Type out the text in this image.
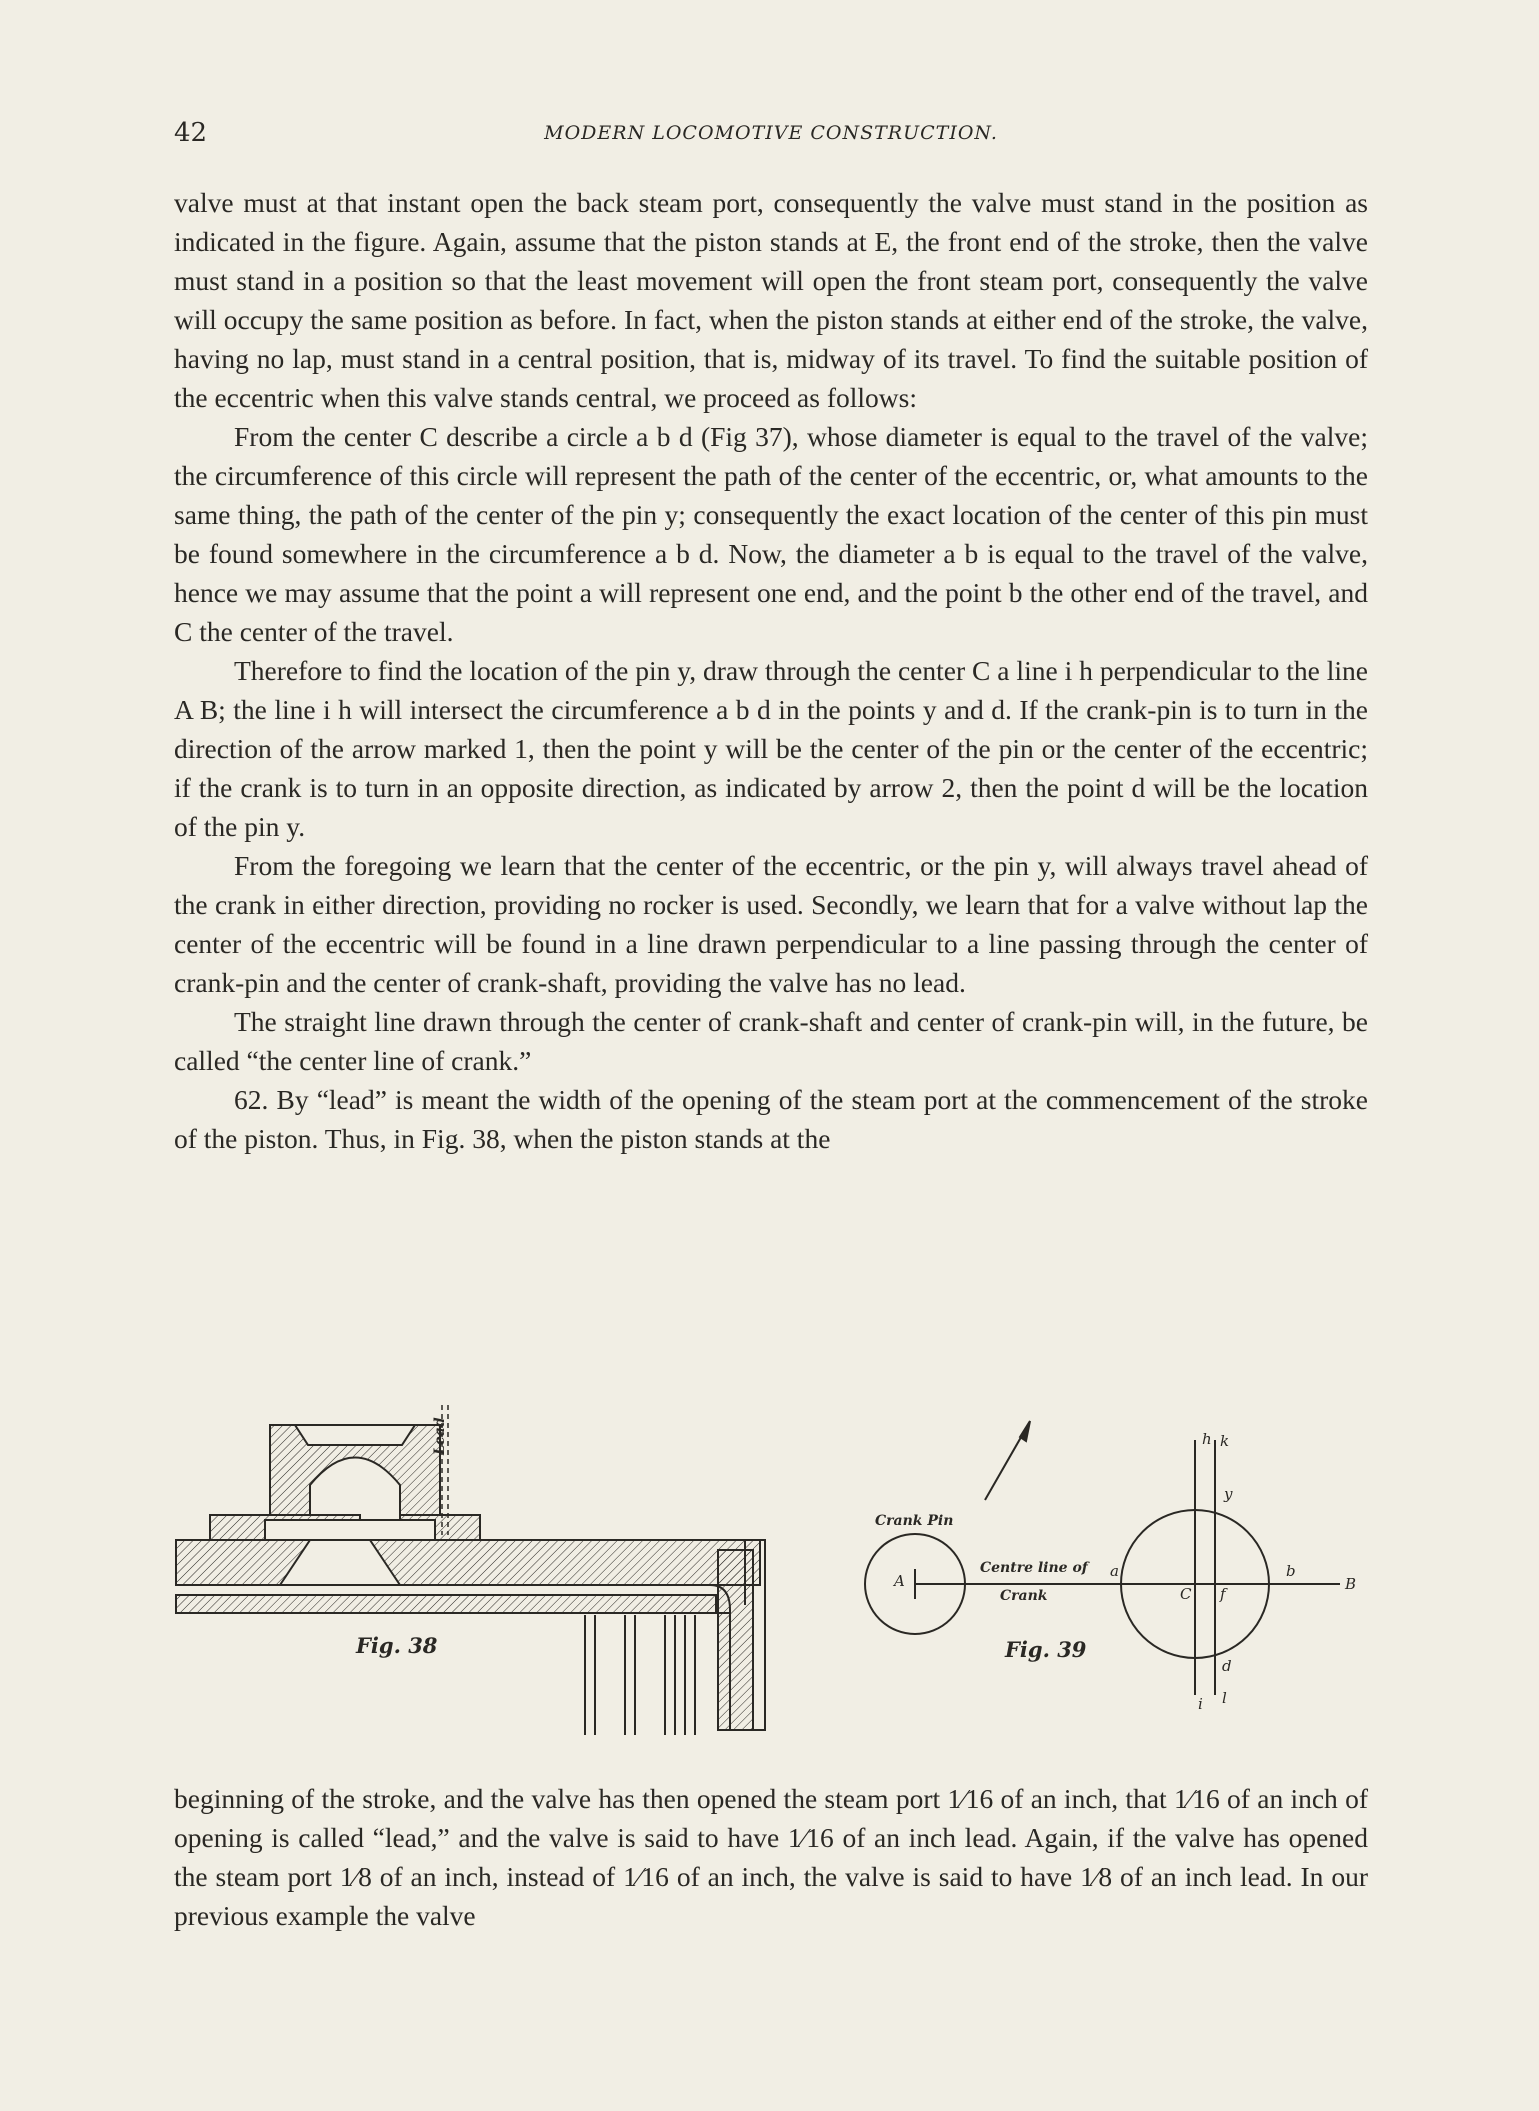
42	MODERN LOCOMOTIVE CONSTRUCTION.

valve must at that instant open the back steam port, consequently the valve must stand in the position as indicated in the figure. Again, assume that the piston stands at E, the front end of the stroke, then the valve must stand in a position so that the least movement will open the front steam port, consequently the valve will occupy the same position as before. In fact, when the piston stands at either end of the stroke, the valve, having no lap, must stand in a central position, that is, midway of its travel. To find the suitable position of the eccentric when this valve stands central, we proceed as follows:

From the center C describe a circle a b d (Fig 37), whose diameter is equal to the travel of the valve; the circumference of this circle will represent the path of the center of the eccentric, or, what amounts to the same thing, the path of the center of the pin y; consequently the exact location of the center of this pin must be found somewhere in the circumference a b d. Now, the diameter a b is equal to the travel of the valve, hence we may assume that the point a will represent one end, and the point b the other end of the travel, and C the center of the travel.

Therefore to find the location of the pin y, draw through the center C a line i h perpendicular to the line A B; the line i h will intersect the circumference a b d in the points y and d. If the crank-pin is to turn in the direction of the arrow marked 1, then the point y will be the center of the pin or the center of the eccentric; if the crank is to turn in an opposite direction, as indicated by arrow 2, then the point d will be the location of the pin y.

From the foregoing we learn that the center of the eccentric, or the pin y, will always travel ahead of the crank in either direction, providing no rocker is used. Secondly, we learn that for a valve without lap the center of the eccentric will be found in a line drawn perpendicular to a line passing through the center of crank-pin and the center of crank-shaft, providing the valve has no lead.

The straight line drawn through the center of crank-shaft and center of crank-pin will, in the future, be called “the center line of crank.”

62. By “lead” is meant the width of the opening of the steam port at the commencement of the stroke of the piston. Thus, in Fig. 38, when the piston stands at the

Lead
Fig. 38
Crank Pin
Centre line of
Crank
Fig. 39
A	B
C
a	b
d
f
h k
y
i l

beginning of the stroke, and the valve has then opened the steam port 1⁄16 of an inch, that 1⁄16 of an inch of opening is called “lead,” and the valve is said to have 1⁄16 of an inch lead. Again, if the valve has opened the steam port 1⁄8 of an inch, instead of 1⁄16 of an inch, the valve is said to have 1⁄8 of an inch lead. In our previous example the valve
